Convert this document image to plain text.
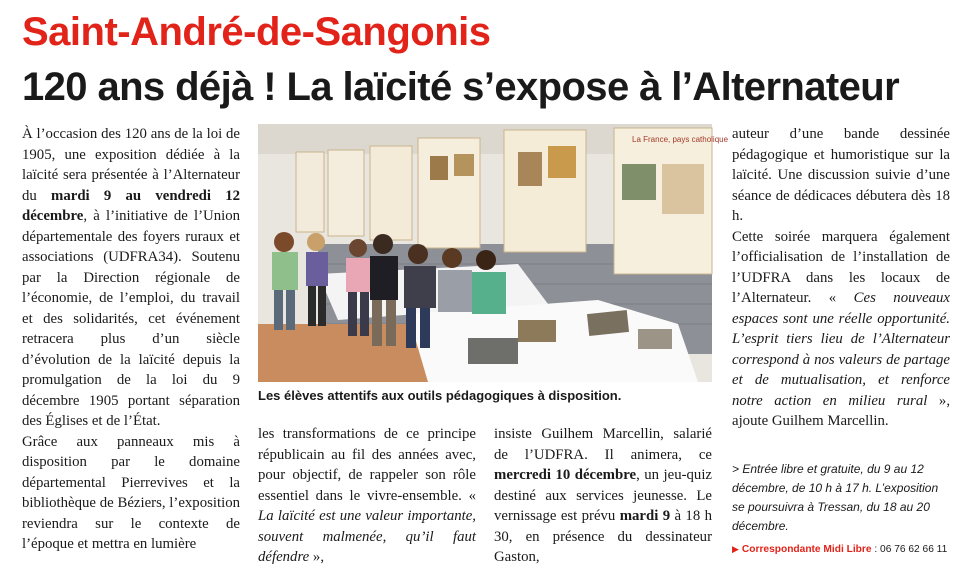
Saint-André-de-Sangonis
120 ans déjà ! La laïcité s’expose à l’Alternateur

À l’occasion des 120 ans de la loi de 1905, une exposition dédiée à la laïcité sera présentée à l’Alternateur du mardi 9 au vendredi 12 décembre, à l’initiative de l’Union départementale des foyers ruraux et associations (UDFRA34). Soutenu par la Direction régionale de l’économie, de l’emploi, du travail et des solidarités, cet événement retracera plus d’un siècle d’évolution de la laïcité depuis la promulgation de la loi du 9 décembre 1905 portant séparation des Églises et de l’État.

Grâce aux panneaux mis à disposition par le domaine départemental Pierrevives et la bibliothèque de Béziers, l’exposition reviendra sur le contexte de l’époque et mettra en lumière

La France, pays catholique
Les élèves attentifs aux outils pédagogiques à disposition.

les transformations de ce principe républicain au fil des années avec, pour objectif, de rappeler son rôle essentiel dans le vivre-ensemble. « La laïcité est une valeur importante, souvent malmenée, qu’il faut défendre »,

insiste Guilhem Marcellin, salarié de l’UDFRA. Il animera, ce mercredi 10 décembre, un jeu-quiz destiné aux services jeunesse. Le vernissage est prévu mardi 9 à 18 h 30, en présence du dessinateur Gaston,

auteur d’une bande dessinée pédagogique et humoristique sur la laïcité. Une discussion suivie d’une séance de dédicaces débutera dès 18 h.

Cette soirée marquera également l’officialisation de l’installation de l’UDFRA dans les locaux de l’Alternateur. « Ces nouveaux espaces sont une réelle opportunité. L’esprit tiers lieu de l’Alternateur correspond à nos valeurs de partage et de mutualisation, et renforce notre action en milieu rural », ajoute Guilhem Marcellin.

> Entrée libre et gratuite, du 9 au 12 décembre, de 10 h à 17 h. L’exposition se poursuivra à Tressan, du 18 au 20 décembre.
▶ Correspondante Midi Libre : 06 76 62 66 11
